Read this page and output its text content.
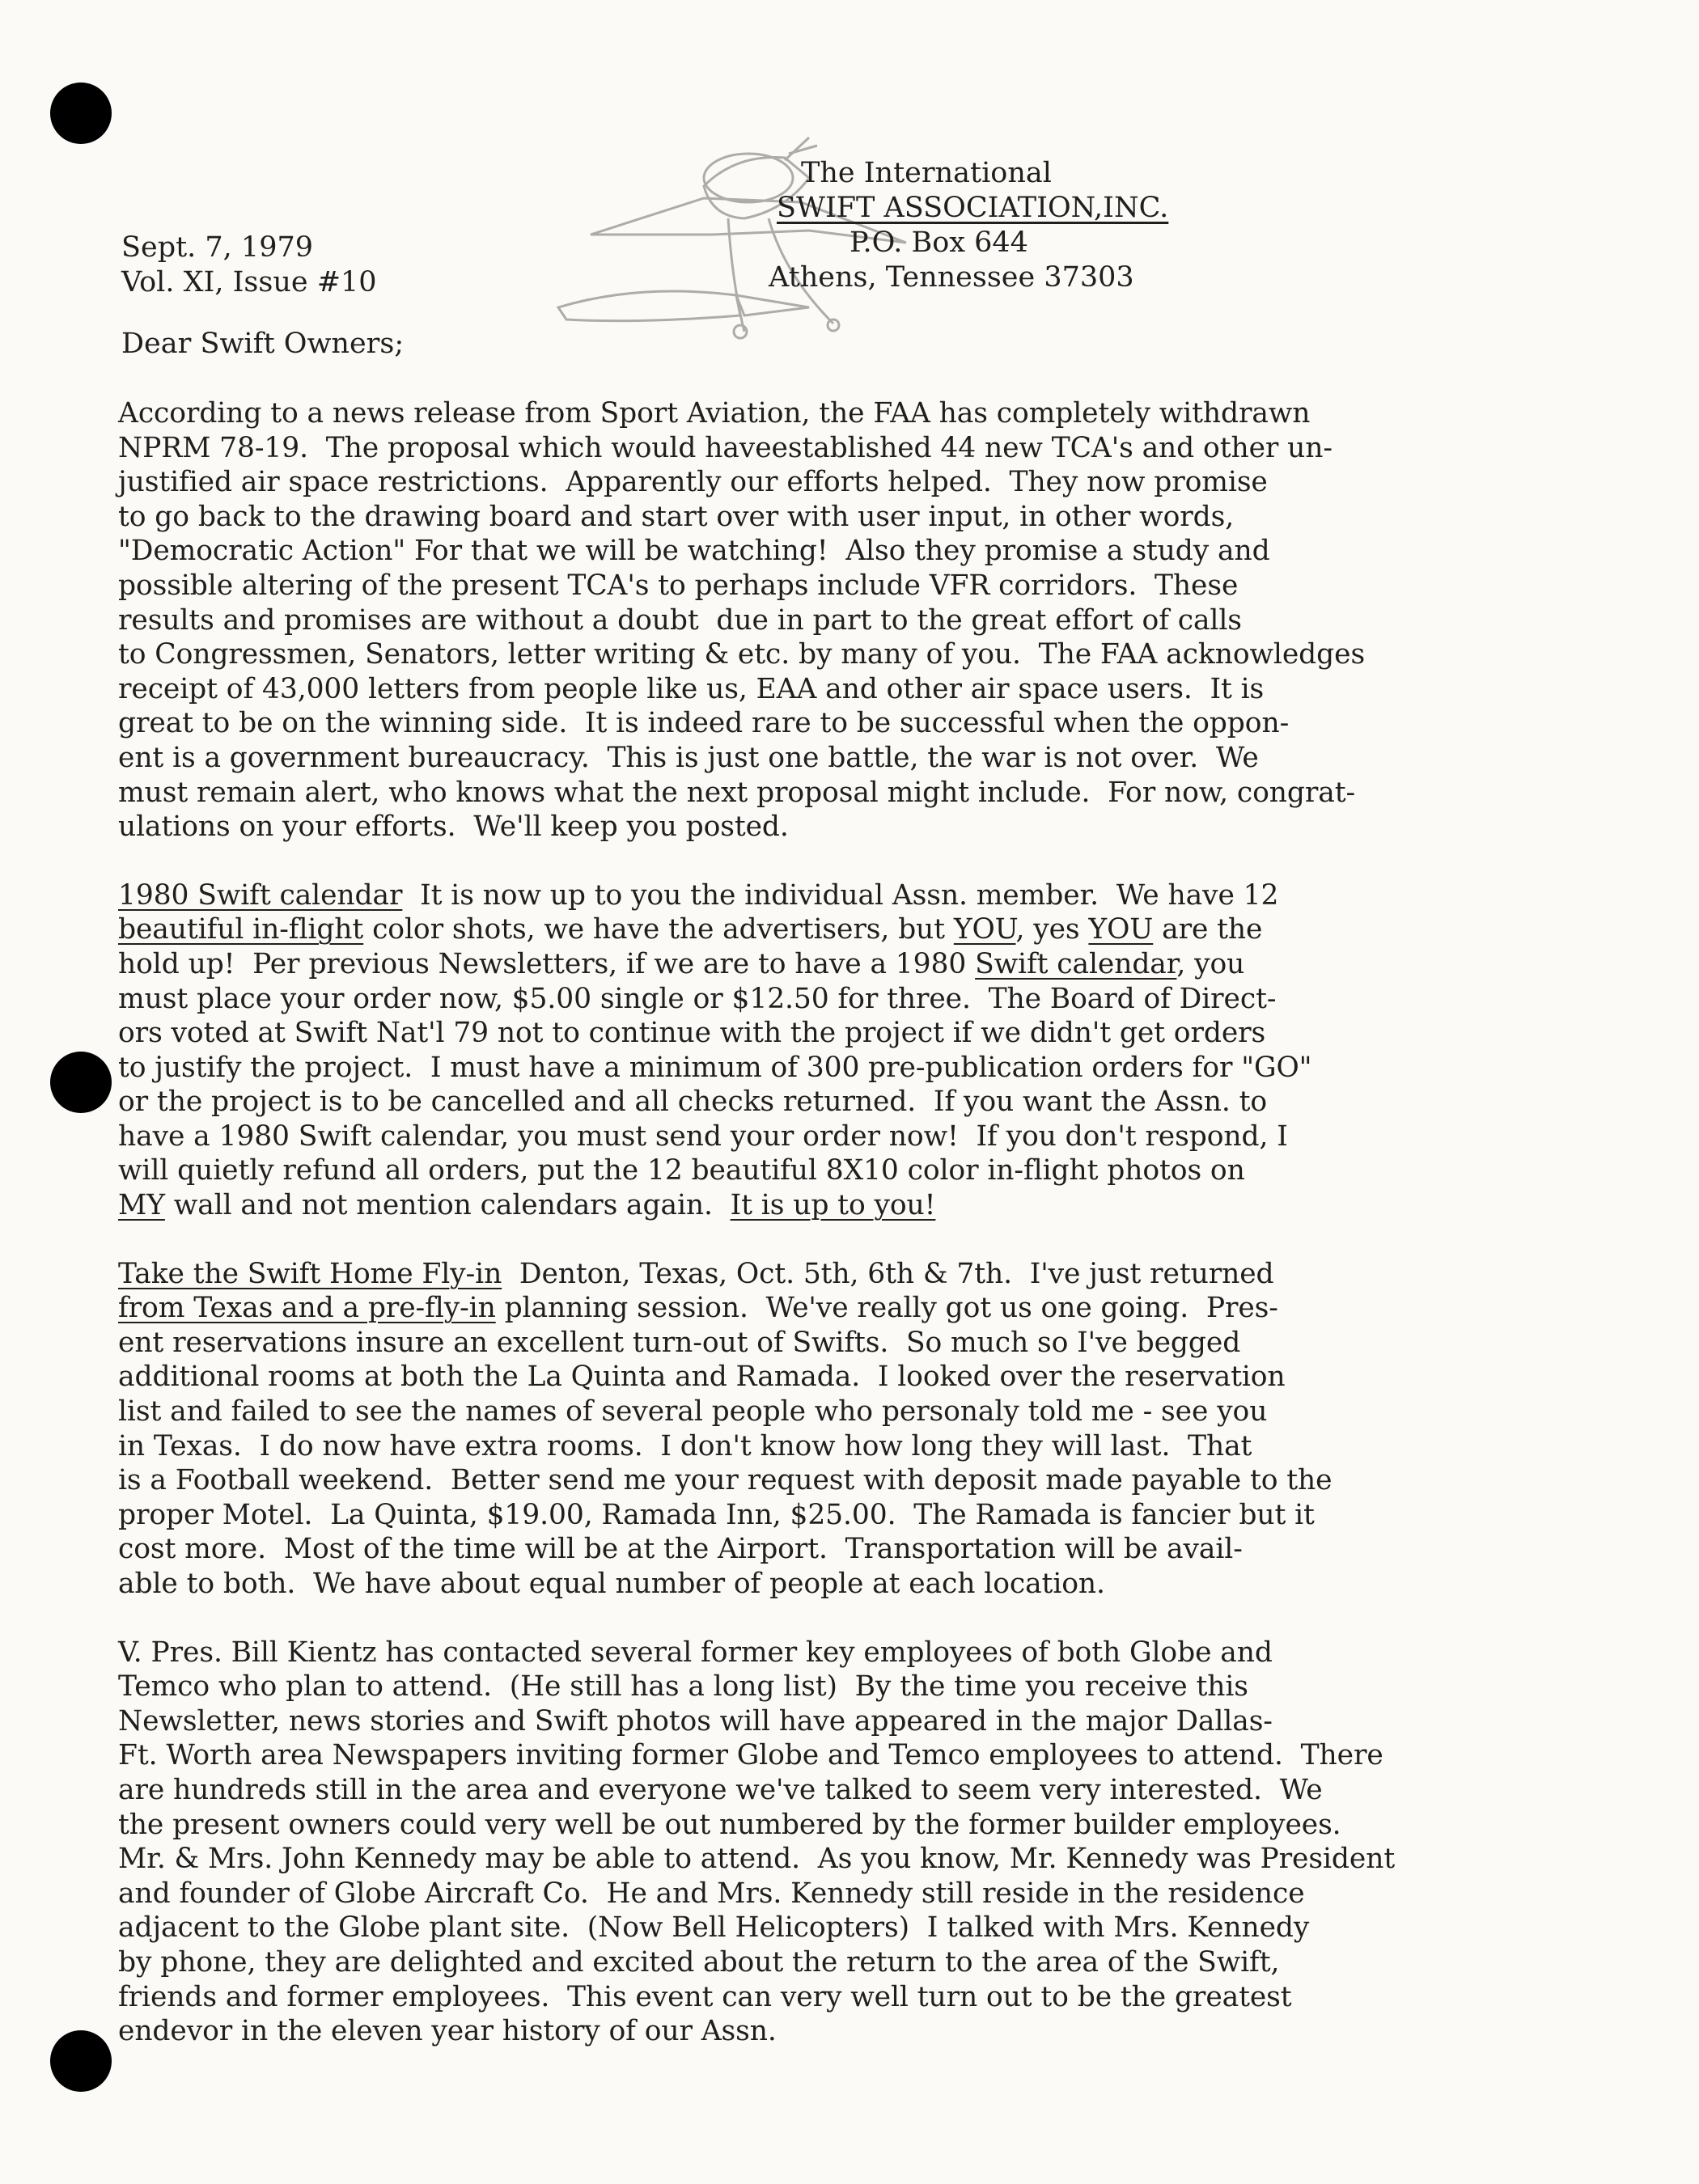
Sept. 7, 1979
Vol. XI, Issue #10
The International
SWIFT ASSOCIATION,INC.
P.O. Box 644
Athens, Tennessee 37303
Dear Swift Owners;
According to a news release from Sport Aviation, the FAA has completely withdrawn
NPRM 78-19.  The proposal which would haveestablished 44 new TCA's and other un-
justified air space restrictions.  Apparently our efforts helped.  They now promise
to go back to the drawing board and start over with user input, in other words,
"Democratic Action" For that we will be watching!  Also they promise a study and
possible altering of the present TCA's to perhaps include VFR corridors.  These
results and promises are without a doubt  due in part to the great effort of calls
to Congressmen, Senators, letter writing & etc. by many of you.  The FAA acknowledges
receipt of 43,000 letters from people like us, EAA and other air space users.  It is
great to be on the winning side.  It is indeed rare to be successful when the oppon-
ent is a government bureaucracy.  This is just one battle, the war is not over.  We
must remain alert, who knows what the next proposal might include.  For now, congrat-
ulations on your efforts.  We'll keep you posted.
1980 Swift calendar  It is now up to you the individual Assn. member.  We have 12
beautiful in-flight color shots, we have the advertisers, but YOU, yes YOU are the
hold up!  Per previous Newsletters, if we are to have a 1980 Swift calendar, you
must place your order now, $5.00 single or $12.50 for three.  The Board of Direct-
ors voted at Swift Nat'l 79 not to continue with the project if we didn't get orders
to justify the project.  I must have a minimum of 300 pre-publication orders for "GO"
or the project is to be cancelled and all checks returned.  If you want the Assn. to
have a 1980 Swift calendar, you must send your order now!  If you don't respond, I
will quietly refund all orders, put the 12 beautiful 8X10 color in-flight photos on
MY wall and not mention calendars again.  It is up to you!
Take the Swift Home Fly-in  Denton, Texas, Oct. 5th, 6th & 7th.  I've just returned
from Texas and a pre-fly-in planning session.  We've really got us one going.  Pres-
ent reservations insure an excellent turn-out of Swifts.  So much so I've begged
additional rooms at both the La Quinta and Ramada.  I looked over the reservation
list and failed to see the names of several people who personaly told me - see you
in Texas.  I do now have extra rooms.  I don't know how long they will last.  That
is a Football weekend.  Better send me your request with deposit made payable to the
proper Motel.  La Quinta, $19.00, Ramada Inn, $25.00.  The Ramada is fancier but it
cost more.  Most of the time will be at the Airport.  Transportation will be avail-
able to both.  We have about equal number of people at each location.
V. Pres. Bill Kientz has contacted several former key employees of both Globe and
Temco who plan to attend.  (He still has a long list)  By the time you receive this
Newsletter, news stories and Swift photos will have appeared in the major Dallas-
Ft. Worth area Newspapers inviting former Globe and Temco employees to attend.  There
are hundreds still in the area and everyone we've talked to seem very interested.  We
the present owners could very well be out numbered by the former builder employees.
Mr. & Mrs. John Kennedy may be able to attend.  As you know, Mr. Kennedy was President
and founder of Globe Aircraft Co.  He and Mrs. Kennedy still reside in the residence
adjacent to the Globe plant site.  (Now Bell Helicopters)  I talked with Mrs. Kennedy
by phone, they are delighted and excited about the return to the area of the Swift,
friends and former employees.  This event can very well turn out to be the greatest
endevor in the eleven year history of our Assn.
